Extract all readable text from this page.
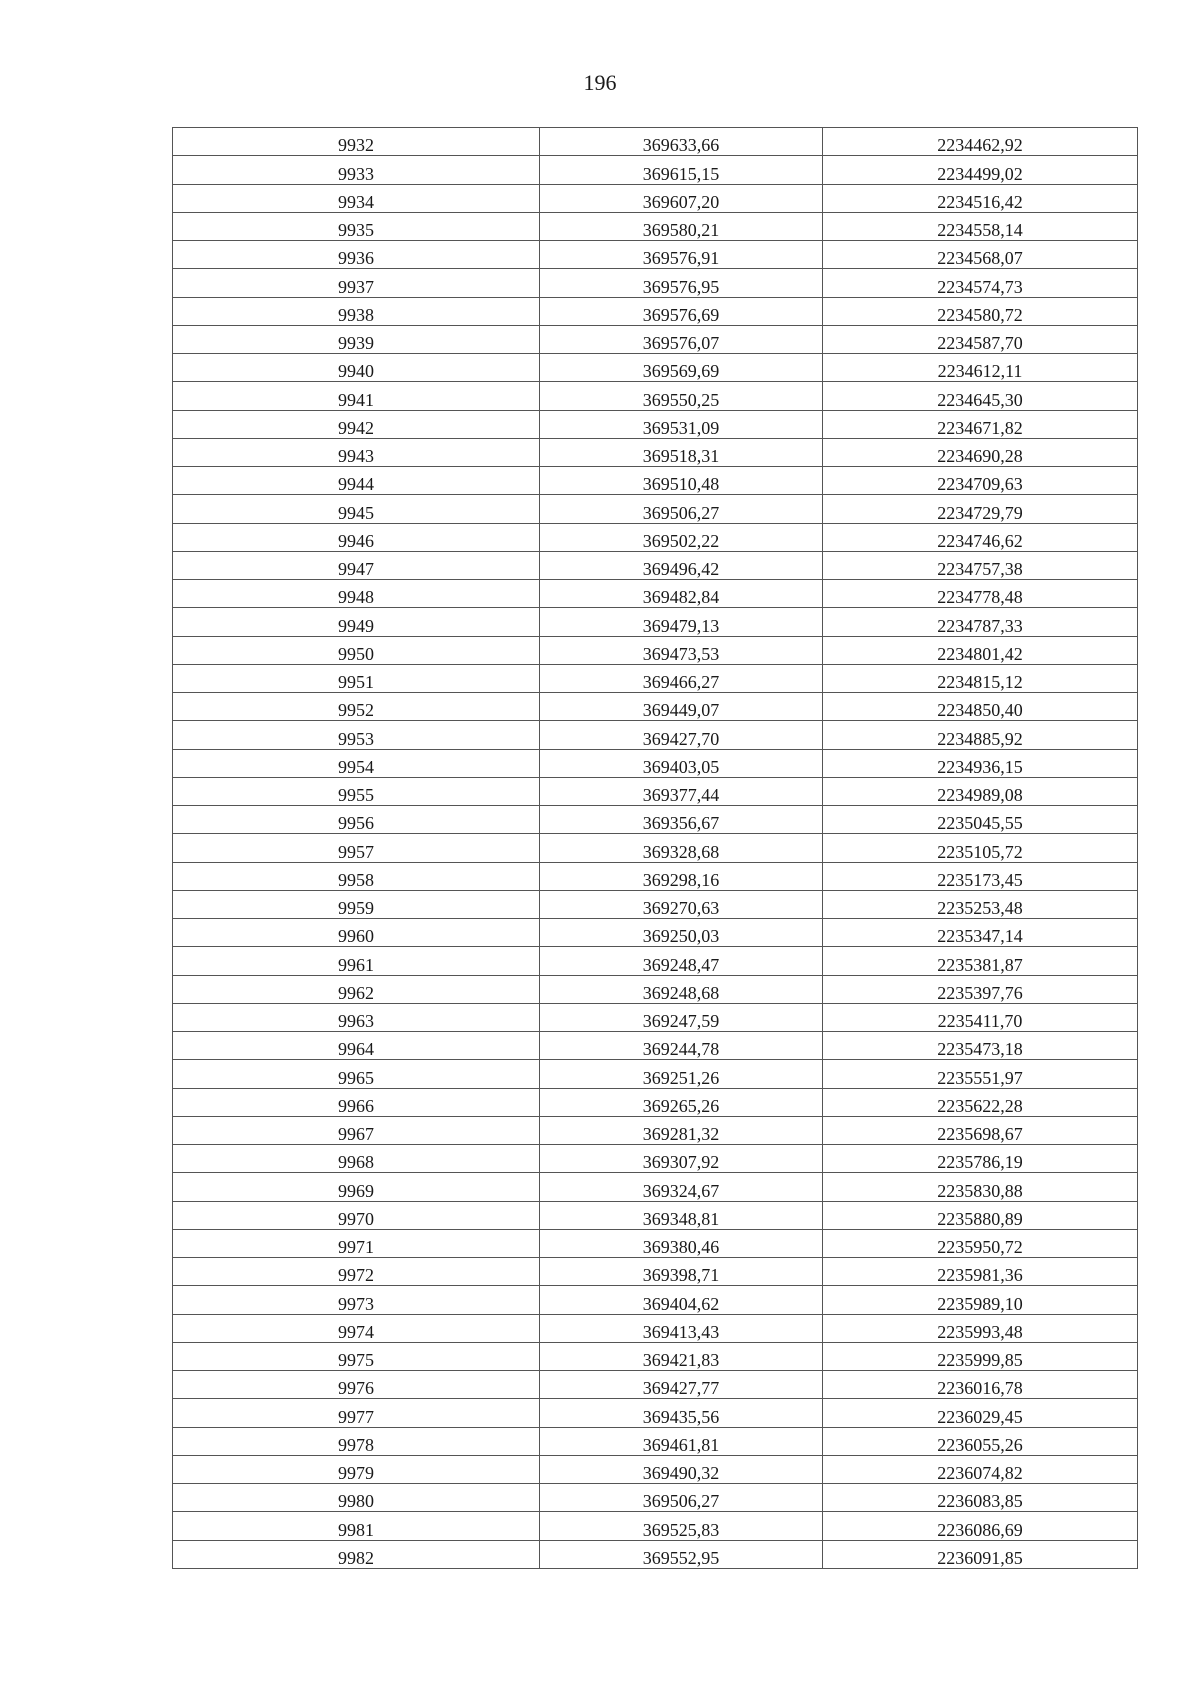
196
9932	369633,66	2234462,92
9933	369615,15	2234499,02
9934	369607,20	2234516,42
9935	369580,21	2234558,14
9936	369576,91	2234568,07
9937	369576,95	2234574,73
9938	369576,69	2234580,72
9939	369576,07	2234587,70
9940	369569,69	2234612,11
9941	369550,25	2234645,30
9942	369531,09	2234671,82
9943	369518,31	2234690,28
9944	369510,48	2234709,63
9945	369506,27	2234729,79
9946	369502,22	2234746,62
9947	369496,42	2234757,38
9948	369482,84	2234778,48
9949	369479,13	2234787,33
9950	369473,53	2234801,42
9951	369466,27	2234815,12
9952	369449,07	2234850,40
9953	369427,70	2234885,92
9954	369403,05	2234936,15
9955	369377,44	2234989,08
9956	369356,67	2235045,55
9957	369328,68	2235105,72
9958	369298,16	2235173,45
9959	369270,63	2235253,48
9960	369250,03	2235347,14
9961	369248,47	2235381,87
9962	369248,68	2235397,76
9963	369247,59	2235411,70
9964	369244,78	2235473,18
9965	369251,26	2235551,97
9966	369265,26	2235622,28
9967	369281,32	2235698,67
9968	369307,92	2235786,19
9969	369324,67	2235830,88
9970	369348,81	2235880,89
9971	369380,46	2235950,72
9972	369398,71	2235981,36
9973	369404,62	2235989,10
9974	369413,43	2235993,48
9975	369421,83	2235999,85
9976	369427,77	2236016,78
9977	369435,56	2236029,45
9978	369461,81	2236055,26
9979	369490,32	2236074,82
9980	369506,27	2236083,85
9981	369525,83	2236086,69
9982	369552,95	2236091,85
